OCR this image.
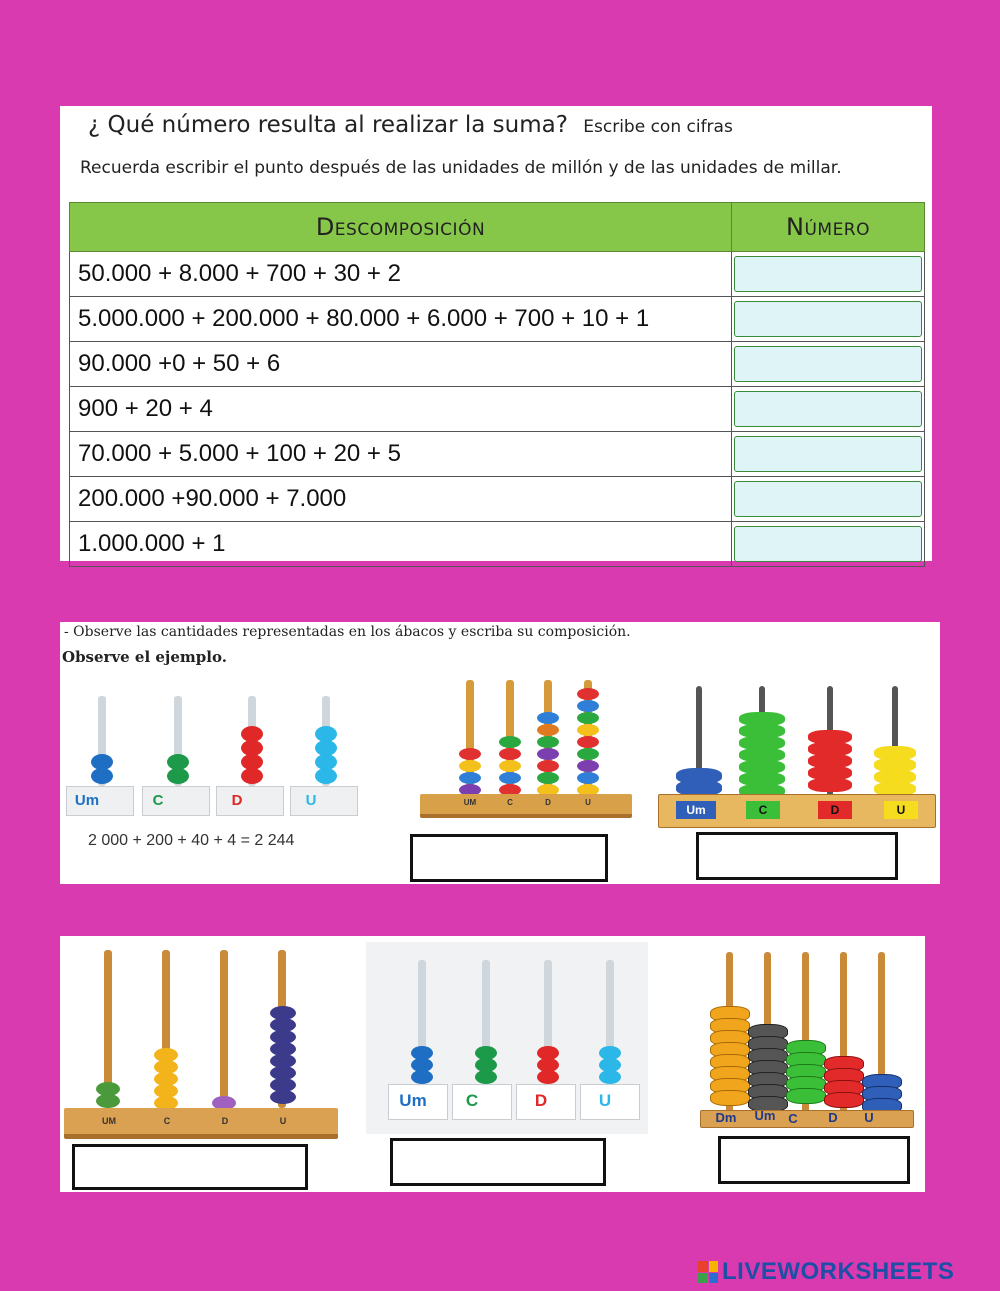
¿ Qué número resulta al realizar la suma? Escribe con cifras
Recuerda escribir el punto después de las unidades de millón y de las unidades de millar.
Descomposición	Número
50.000 + 8.000 + 700 + 30 + 2	

5.000.000 + 200.000 + 80.000 + 6.000 + 700 + 10 + 1	

90.000 +0 + 50 + 6	

900 + 20 + 4	

70.000 + 5.000 + 100 + 20 + 5	

200.000 +90.000 + 7.000	

1.000.000 + 1	
- Observe las cantidades representadas en los ábacos y escriba su composición.
Observe el ejemplo.
Um	C	D	U
2 000 + 200 + 40 + 4 = 2 244
UM	C	D	U
Um	C	D	U
UM	C	D	U
Um	C	D	U
Dm	Um C	D	U
LIVEWORKSHEETS
